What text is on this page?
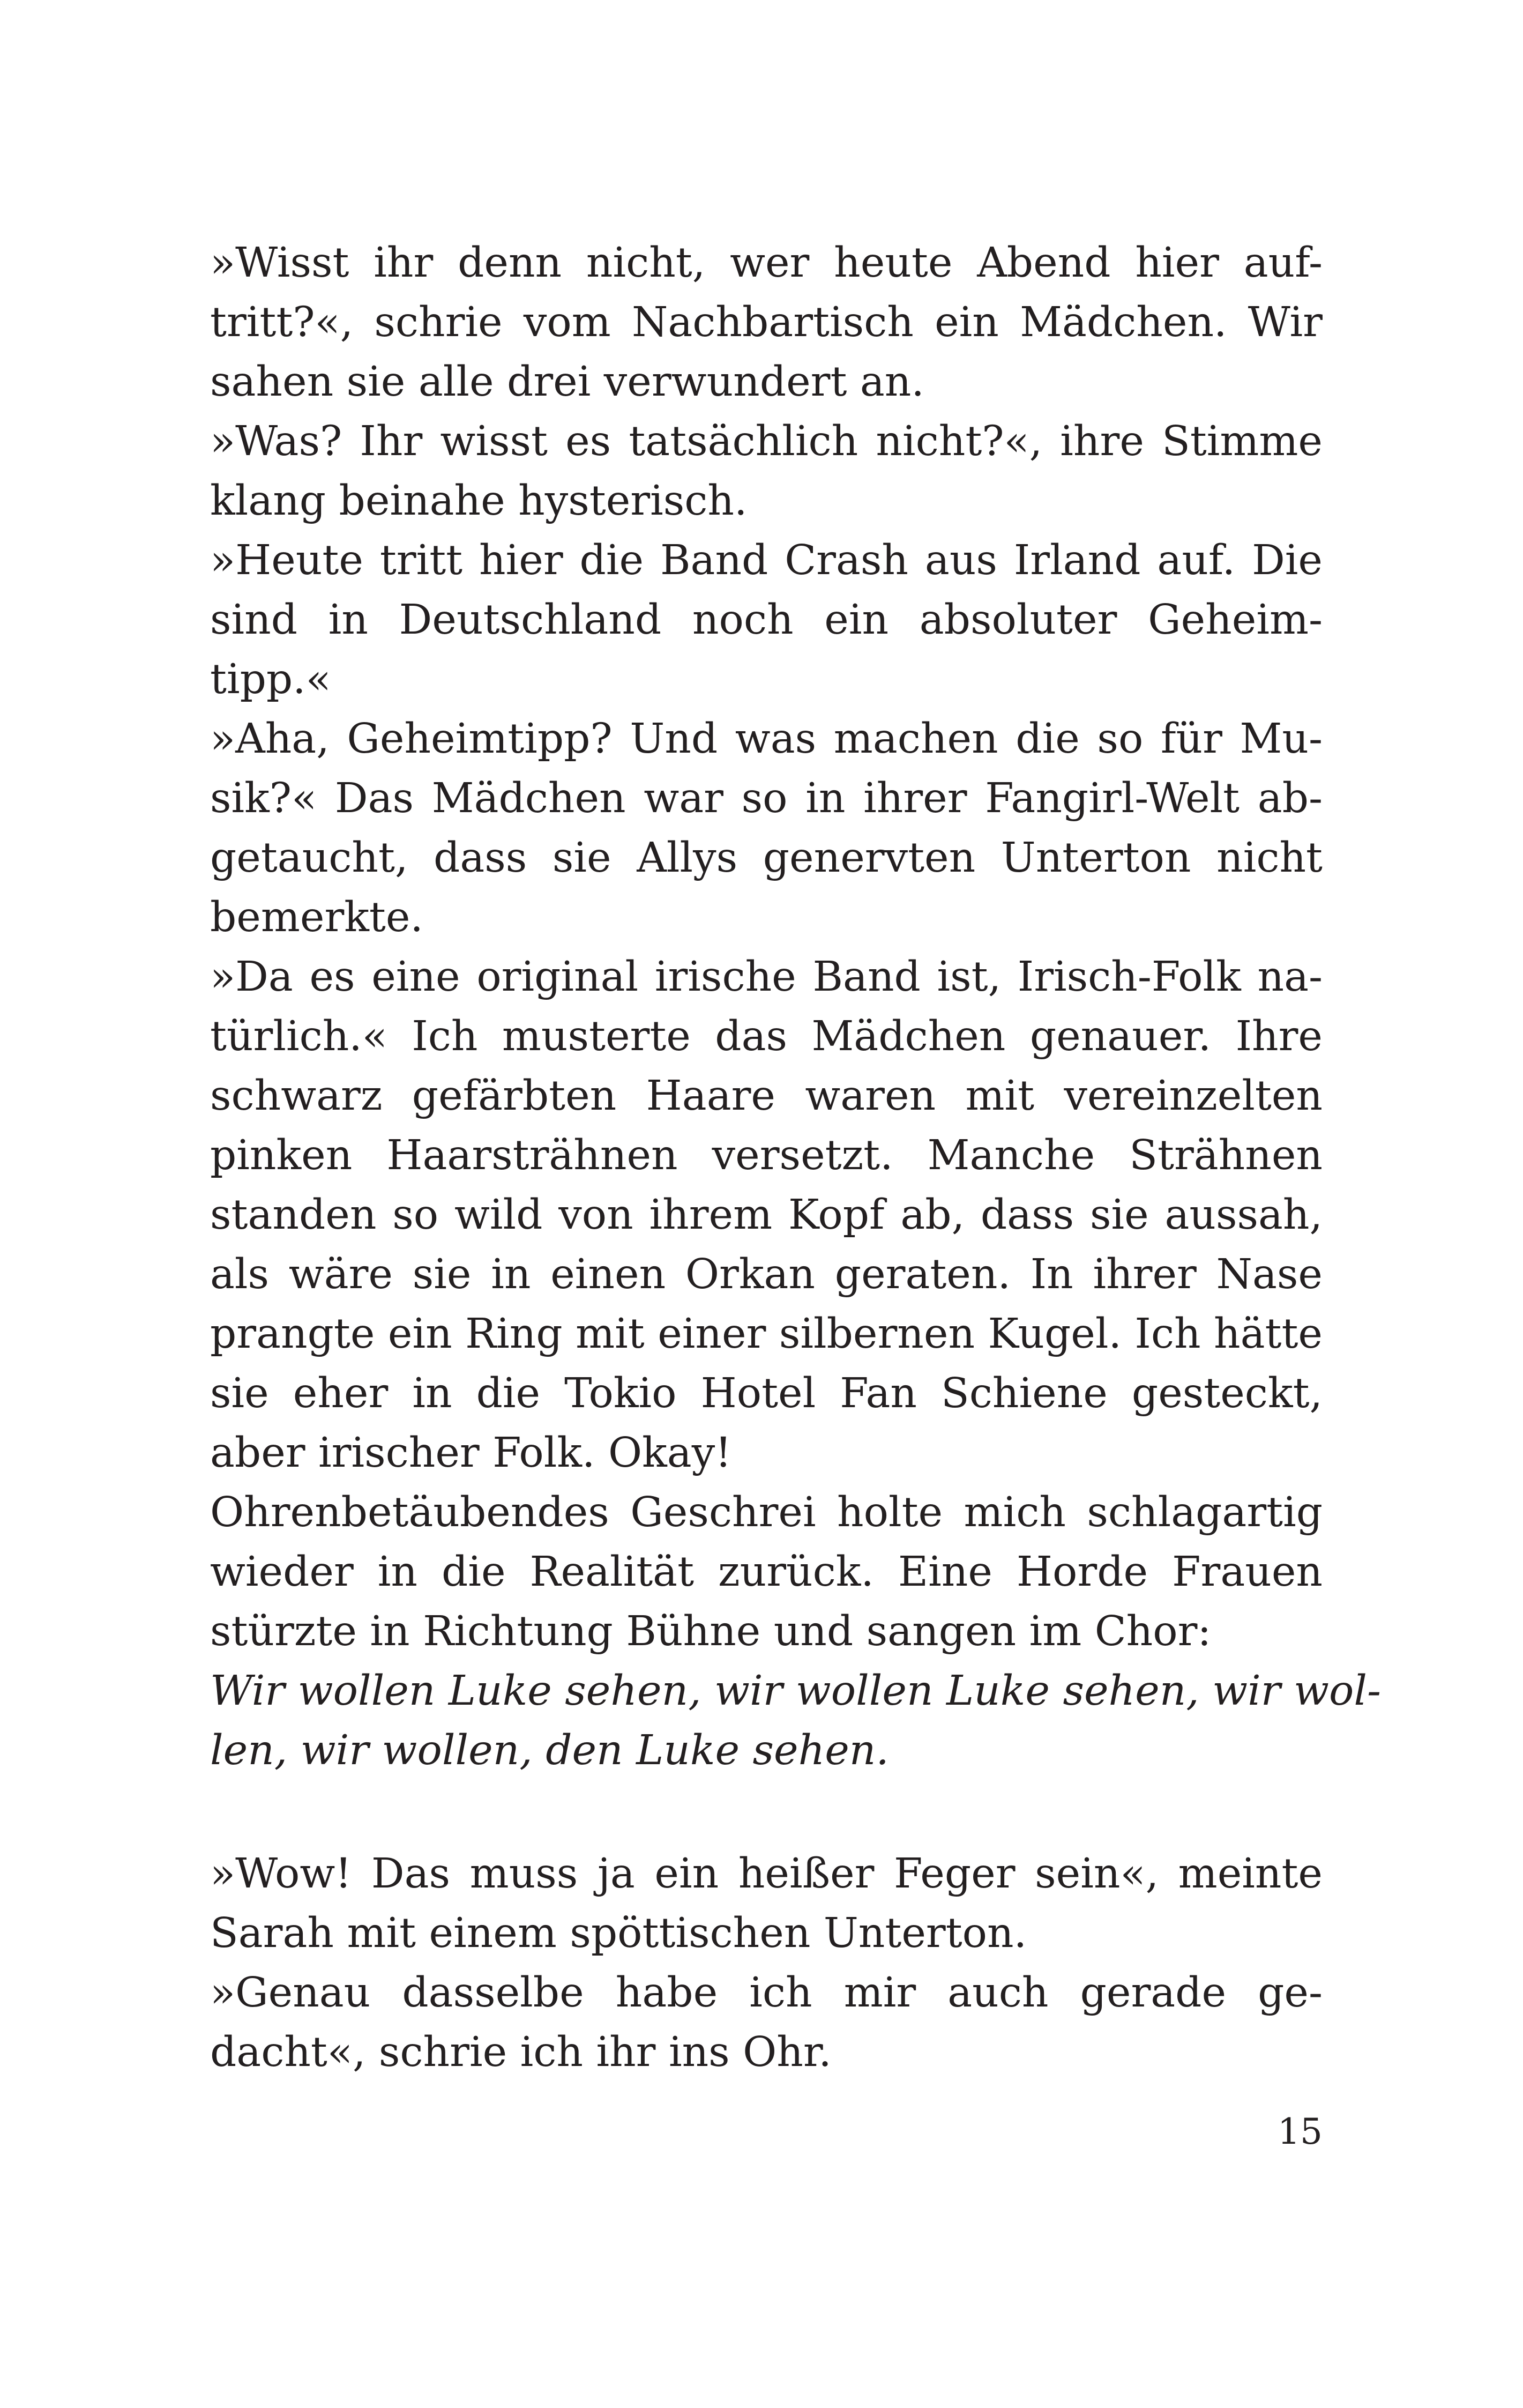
»Wisst ihr denn nicht, wer heute Abend hier auf-
tritt?«, schrie vom Nachbartisch ein Mädchen. Wir
sahen sie alle drei verwundert an.
»Was? Ihr wisst es tatsächlich nicht?«, ihre Stimme
klang beinahe hysterisch.
»Heute tritt hier die Band Crash aus Irland auf. Die
sind in Deutschland noch ein absoluter Geheim-
tipp.«
»Aha, Geheimtipp? Und was machen die so für Mu-
sik?« Das Mädchen war so in ihrer Fangirl-Welt ab-
getaucht, dass sie Allys genervten Unterton nicht
bemerkte.
»Da es eine original irische Band ist, Irisch-Folk na-
türlich.« Ich musterte das Mädchen genauer. Ihre
schwarz gefärbten Haare waren mit vereinzelten
pinken Haarsträhnen versetzt. Manche Strähnen
standen so wild von ihrem Kopf ab, dass sie aussah,
als wäre sie in einen Orkan geraten. In ihrer Nase
prangte ein Ring mit einer silbernen Kugel. Ich hätte
sie eher in die Tokio Hotel Fan Schiene gesteckt,
aber irischer Folk. Okay!
Ohrenbetäubendes Geschrei holte mich schlagartig
wieder in die Realität zurück. Eine Horde Frauen
stürzte in Richtung Bühne und sangen im Chor:
Wir wollen Luke sehen, wir wollen Luke sehen, wir wol-
len, wir wollen, den Luke sehen.
»Wow! Das muss ja ein heißer Feger sein«, meinte
Sarah mit einem spöttischen Unterton.
»Genau dasselbe habe ich mir auch gerade ge-
dacht«, schrie ich ihr ins Ohr.
15
